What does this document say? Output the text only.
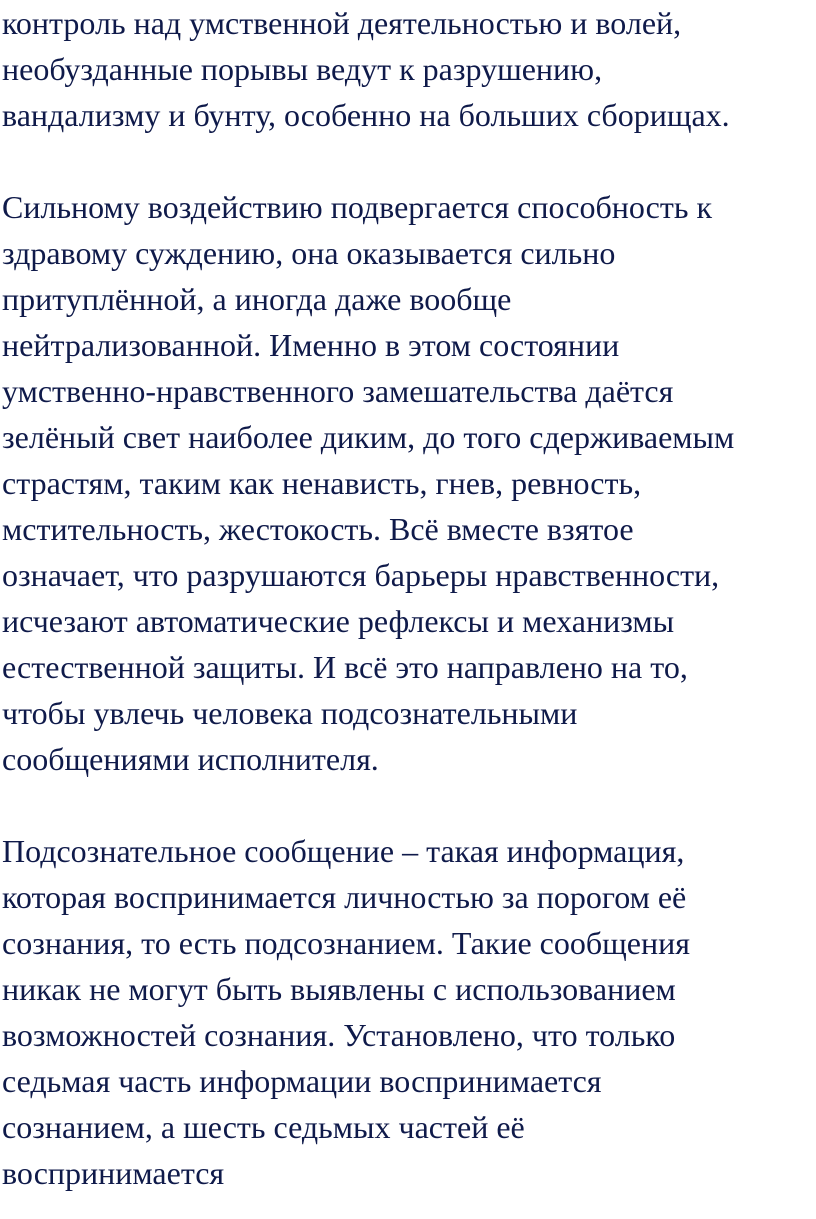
контроль над умственной деятельностью и волей,
необузданные порывы ведут к разрушению,
вандализму и бунту, особенно на больших сборищах.

Сильному воздействию подвергается способность к
здравому суждению, она оказывается сильно
притуплённой, а иногда даже вообще
нейтрализованной. Именно в этом состоянии
умственно-нравственного замешательства даётся
зелёный свет наиболее диким, до того сдерживаемым
страстям, таким как ненависть, гнев, ревность,
мстительность, жестокость. Всё вместе взятое
означает, что разрушаются барьеры нравственности,
исчезают автоматические рефлексы и механизмы
естественной защиты. И всё это направлено на то,
чтобы увлечь человека подсознательными
сообщениями исполнителя.

Подсознательное сообщение – такая информация,
которая воспринимается личностью за порогом её
сознания, то есть подсознанием. Такие сообщения
никак не могут быть выявлены с использованием
возможностей сознания. Установлено, что только
седьмая часть информации воспринимается
сознанием, а шесть седьмых частей её
воспринимается
